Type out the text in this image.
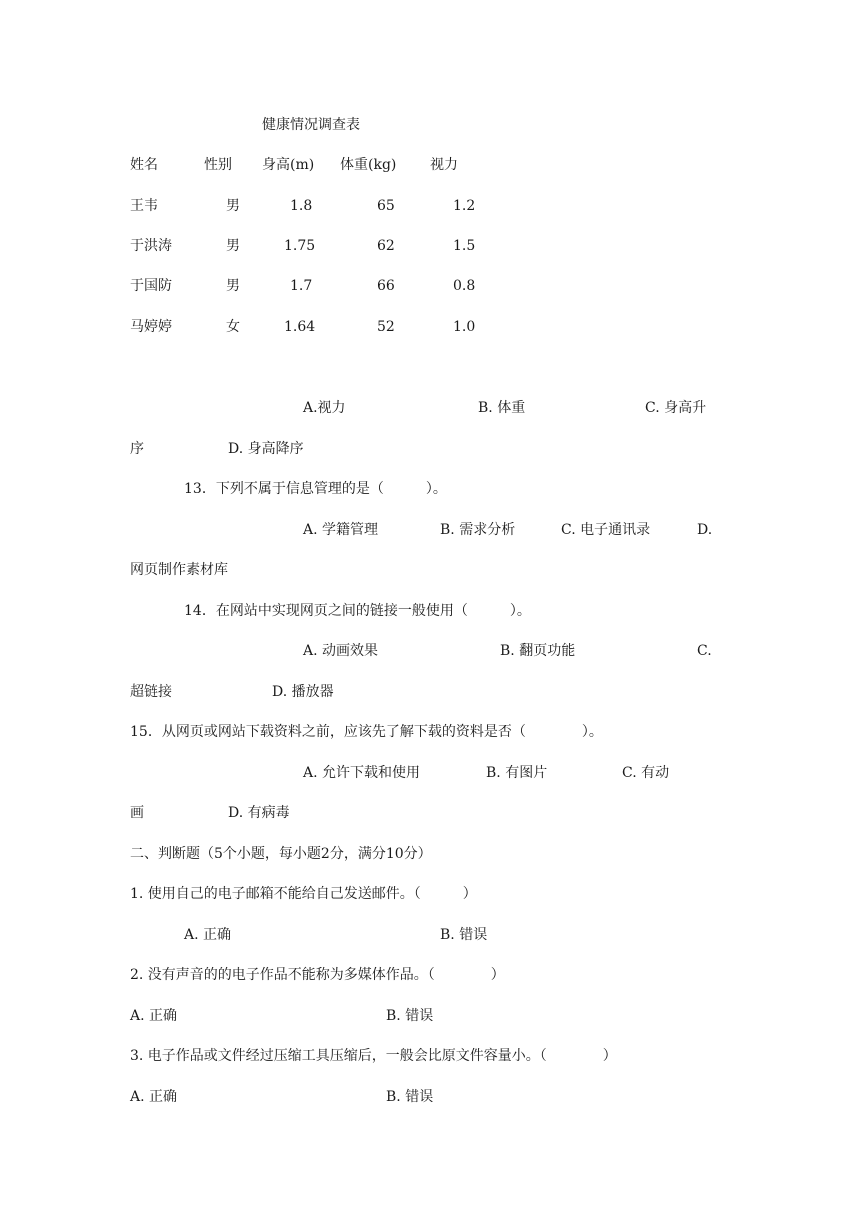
健康情况调查表
姓名	性别 身高(m) 体重(kg) 视力
王韦	男	1.8	65	1.2
于洪涛	男	1.75	62	1.5
于国防	男	1.7	66	0.8
马婷婷	女	1.64	52	1.0
A.视力	B. 体重	C. 身高升
序	D. 身高降序
13．下列不属于信息管理的是（　　　）。
A. 学籍管理	B. 需求分析	C. 电子通讯录	D.
网页制作素材库
14．在网站中实现网页之间的链接一般使用（　　　）。
A. 动画效果	B. 翻页功能	C.
超链接	D. 播放器
15．从网页或网站下载资料之前，应该先了解下载的资料是否（　　　　）。
A. 允许下载和使用	B. 有图片	C. 有动
画	D. 有病毒
二、判断题（5个小题，每小题2分，满分10分）
1. 使用自己的电子邮箱不能给自己发送邮件。（　　　）
A. 正确	B. 错误
2. 没有声音的的电子作品不能称为多媒体作品。（　　　　）
A. 正确	B. 错误
3. 电子作品或文件经过压缩工具压缩后，一般会比原文件容量小。（　　　　）
A. 正确	B. 错误
